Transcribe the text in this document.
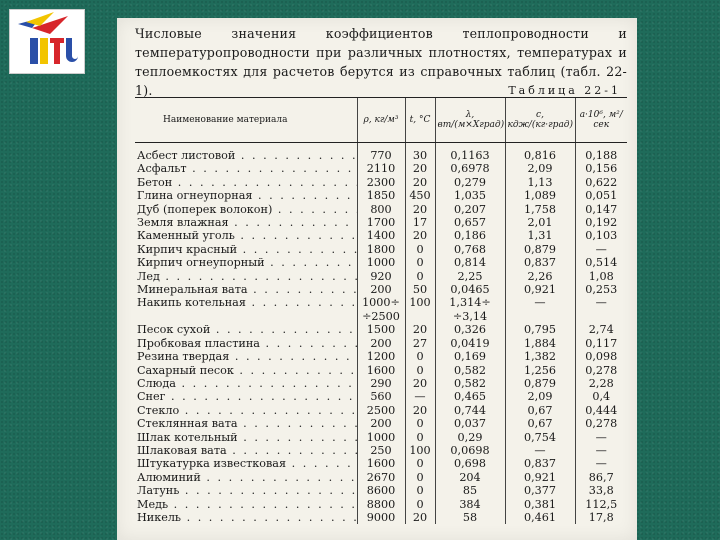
Числовые значения коэффициентов теплопроводности и температуропроводности при различных плотностях, температурах и теплоемкостях для расчетов берутся из справочных таблиц (табл. 22-1).	Таблица 22-1
Наименование материала	ρ, кг/м³	t, °C	λ, вт/(м×Хград)	c, кдж/(кг·град)	a·10⁶, м²/сек
Асбест листовой . . .	770	30	0,1163	0,816	0,188
Асфальт . . .	2110	20	0,6978	2,09	0,156
Бетон . . .	2300	20	0,279	1,13	0,622
Глина огнеупорная . . .	1850	450	1,035	1,089	0,051
Дуб (поперек волокон) . . .	800	20	0,207	1,758	0,147
Земля влажная . . .	1700	17	0,657	2,01	0,192
Каменный уголь . . .	1400	20	0,186	1,31	0,103
Кирпич красный . . .	1800	0	0,768	0,879	—
Кирпич огнеупорный . . .	1000	0	0,814	0,837	0,514
Лед . . .	920	0	2,25	2,26	1,08
Минеральная вата . . .	200	50	0,0465	0,921	0,253
Накипь котельная . . .	1000÷	100	1,314÷	—	—
	÷2500		÷3,14		
Песок сухой . . .	1500	20	0,326	0,795	2,74
Пробковая пластина . . .	200	27	0,0419	1,884	0,117
Резина твердая . . .	1200	0	0,169	1,382	0,098
Сахарный песок . . .	1600	0	0,582	1,256	0,278
Слюда . . .	290	20	0,582	0,879	2,28
Снег . . .	560	—	0,465	2,09	0,4
Стекло . . .	2500	20	0,744	0,67	0,444
Стеклянная вата . . .	200	0	0,037	0,67	0,278
Шлак котельный . . .	1000	0	0,29	0,754	—
Шлаковая вата . . .	250	100	0,0698	—	—
Штукатурка известковая . . .	1600	0	0,698	0,837	—
Алюминий . . .	2670	0	204	0,921	86,7
Латунь . . .	8600	0	85	0,377	33,8
Медь . . .	8800	0	384	0,381	112,5
Никель . . .	9000	20	58	0,461	17,8
